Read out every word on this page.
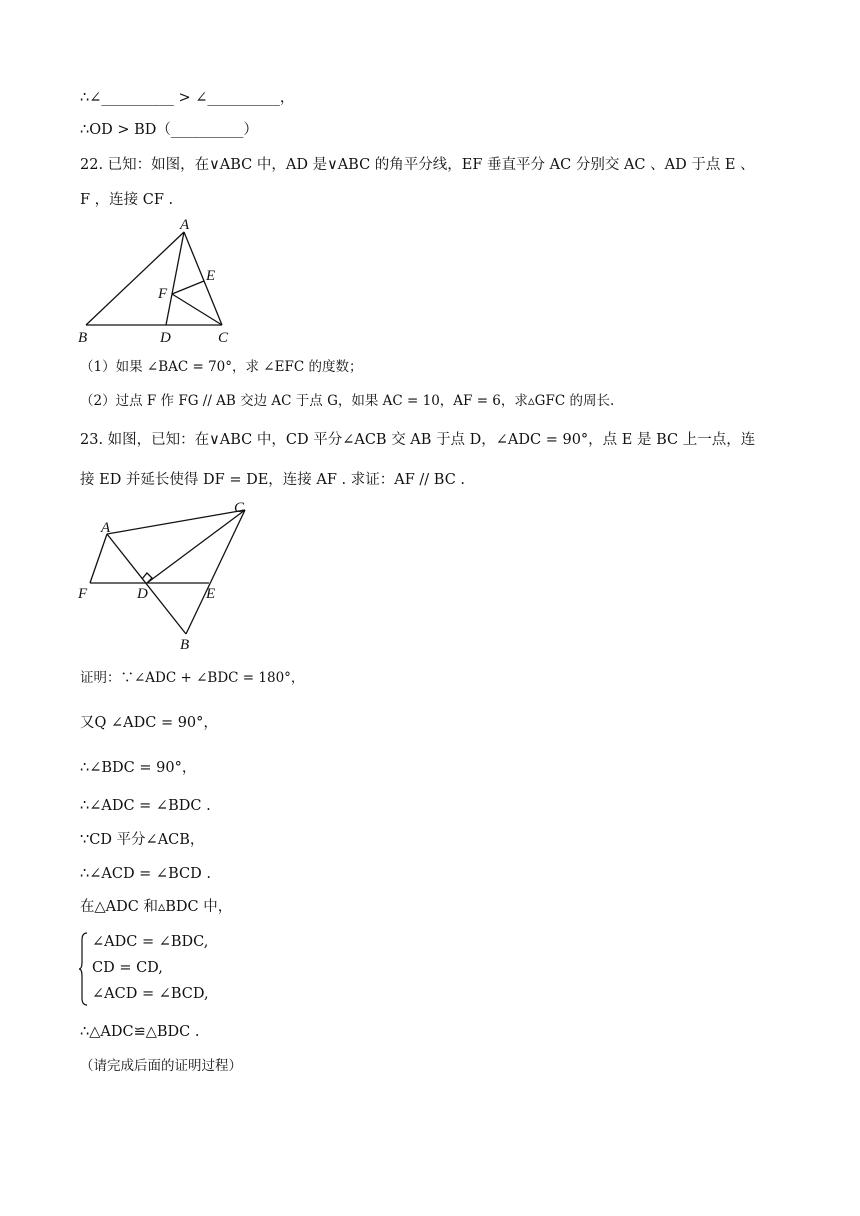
∴∠__________ > ∠__________，
∴OD > BD（__________）
22. 已知：如图，在∨ABC 中，AD 是∨ABC 的角平分线，EF 垂直平分 AC 分别交 AC 、AD 于点 E 、
F ，连接 CF .
A
B	C
D
E
F
（1）如果 ∠BAC = 70°，求 ∠EFC 的度数；
（2）过点 F 作 FG // AB 交边 AC 于点 G，如果 AC = 10，AF = 6，求▵GFC 的周长.
23. 如图，已知：在∨ABC 中，CD 平分∠ACB 交 AB 于点 D，∠ADC = 90°，点 E 是 BC 上一点，连
接 ED 并延长使得 DF = DE，连接 AF . 求证：AF // BC .
A
B
C
D	E
F
证明：∵∠ADC + ∠BDC = 180°，
又Q ∠ADC = 90°，
∴∠BDC = 90°，
∴∠ADC = ∠BDC .
∵CD 平分∠ACB，
∴∠ACD = ∠BCD .
在△ADC 和▵BDC 中，
∠ADC = ∠BDC,
CD = CD,
∠ACD = ∠BCD,
∴△ADC≌△BDC .
（请完成后面的证明过程）
